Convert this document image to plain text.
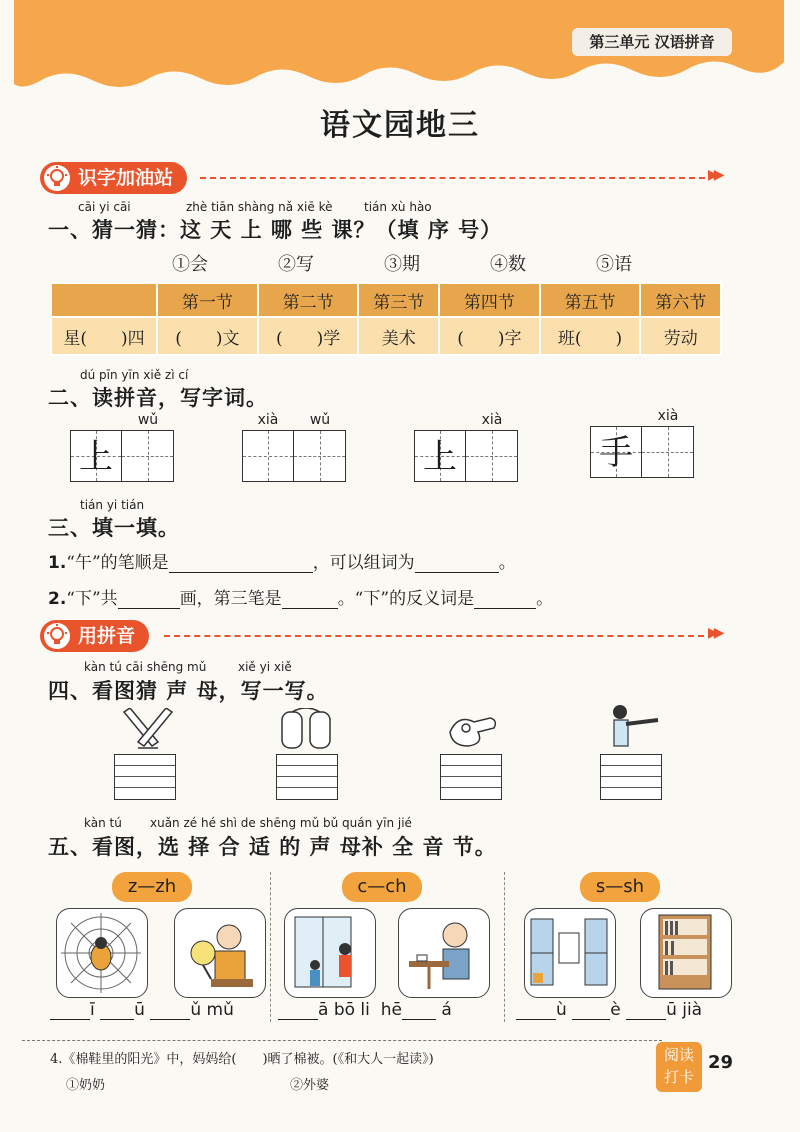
第三单元 汉语拼音
语文园地三
识字加油站	▶▶
cāi yi cāi	zhè tiān shàng nǎ xiē kè	tián xù hào
一、猜一猜：这 天 上 哪 些 课？（填 序 号）
①会	②写	③期	④数	⑤语
	第一节	第二节	第三节	第四节	第五节	第六节
星(　　)四	(　　)文	(　　)学	美术	(　　)字	班(　　)	劳动
dú pīn yīn xiě zì cí
二、读拼音，写字词。
wǔ
上
xià	wǔ	xià
上
xià
手
tián yi tián
三、填一填。
1.“午”的笔顺是	，可以组词为	。
2.“下”共	画，第三笔是	。“下”的反义词是	。
用拼音	▶▶
kàn tú cāi shēng mǔ	xiě yi xiě
四、看图猜 声 母，写一写。
kàn tú xuǎn zé hé shì de shēng mǔ bǔ quán yīn jié
五、看图，选 择 合 适 的 声 母补 全 音 节。
z—zh
ī ū	ǔ mǔ
c—ch
ā bō li hē á
s—sh
ù	è	ū jià
4.《棉鞋里的阳光》中，妈妈给(　　)晒了棉被。(《和大人一起读》)
①奶奶	②外婆
阅读
打卡
29
